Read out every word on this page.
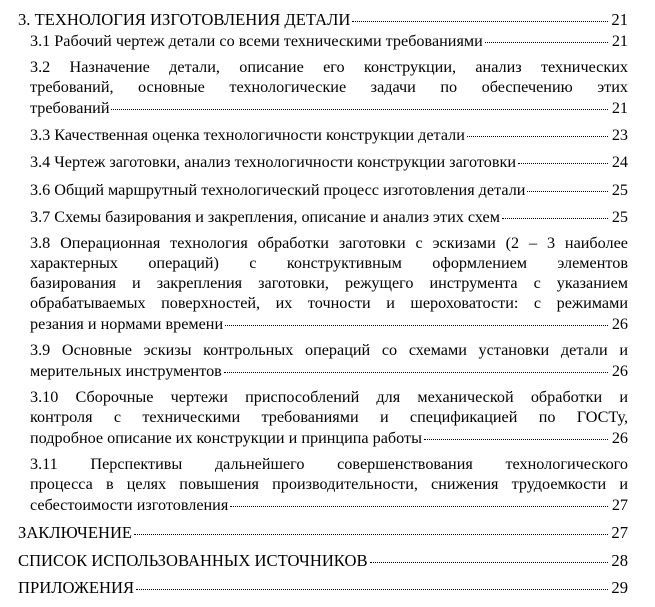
3. ТЕХНОЛОГИЯ ИЗГОТОВЛЕНИЯ ДЕТАЛИ	21
3.1 Рабочий чертеж детали со всеми техническими требованиями	21
3.2 Назначение детали, описание его конструкции, анализ технических
требований, основные технологические задачи по обеспечению этих
требований	21
3.3 Качественная оценка технологичности конструкции детали	23
3.4 Чертеж заготовки, анализ технологичности конструкции заготовки	24
3.6 Общий маршрутный технологический процесс изготовления детали	25
3.7 Схемы базирования и закрепления, описание и анализ этих схем	25
3.8 Операционная технология обработки заготовки с эскизами (2 – 3 наиболее
характерных операций) с конструктивным оформлением элементов
базирования и закрепления заготовки, режущего инструмента с указанием
обрабатываемых поверхностей, их точности и шероховатости: с режимами
резания и нормами времени	26
3.9 Основные эскизы контрольных операций со схемами установки детали и
мерительных инструментов	26
3.10 Сборочные чертежи приспособлений для механической обработки и
контроля с техническими требованиями и спецификацией по ГОСТу,
подробное описание их конструкции и принципа работы	26
3.11 Перспективы дальнейшего совершенствования технологического
процесса в целях повышения производительности, снижения трудоемкости и
себестоимости изготовления	27
ЗАКЛЮЧЕНИЕ	27
СПИСОК ИСПОЛЬЗОВАННЫХ ИСТОЧНИКОВ	28
ПРИЛОЖЕНИЯ	29
